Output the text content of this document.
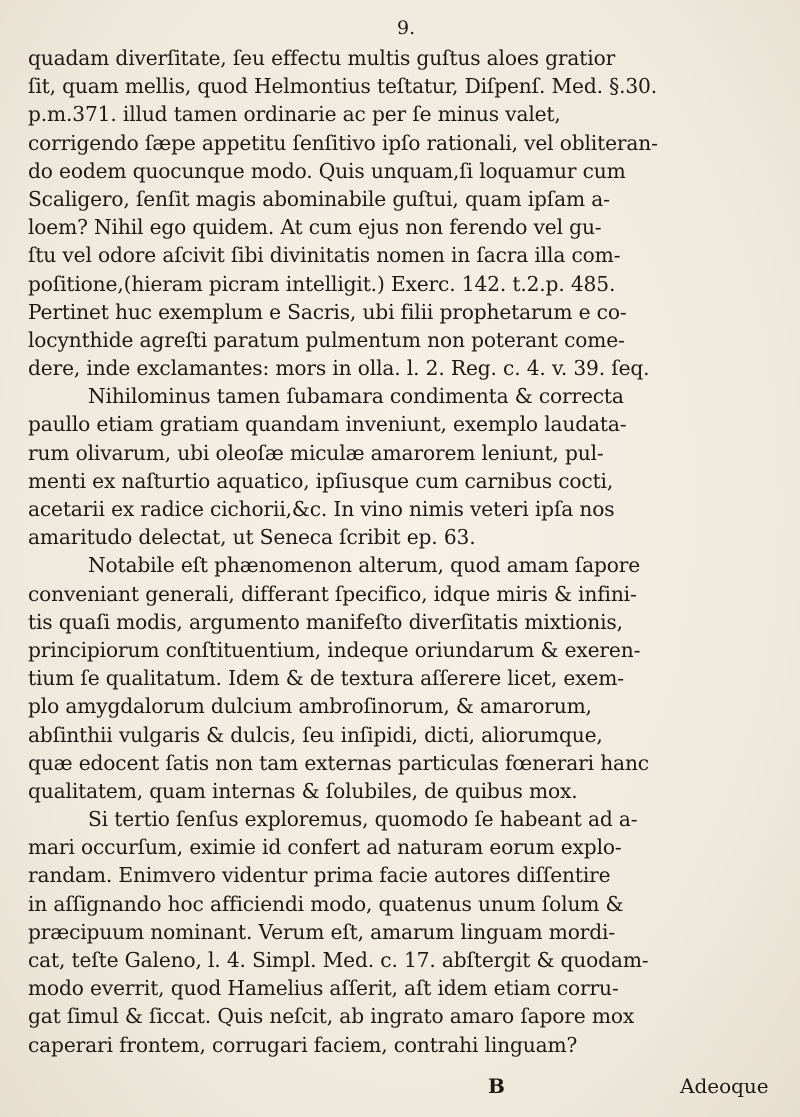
9.
quadam diverſitate, ſeu effectu multis guſtus aloes gratior
ſit, quam mellis, quod Helmontius teſtatur, Diſpenſ. Med. §.30.
p.m.371. illud tamen ordinarie ac per ſe minus valet,
corrigendo ſæpe appetitu ſenſitivo ipſo rationali, vel obliteran-
do eodem quocunque modo. Quis unquam,ſi loquamur cum
Scaligero, ſenſit magis abominabile guſtui, quam ipſam a-
loem? Nihil ego quidem. At cum ejus non ferendo vel gu-
ſtu vel odore aſcivit ſibi divinitatis nomen in ſacra illa com-
poſitione,(hieram picram intelligit.) Exerc. 142. t.2.p. 485.
Pertinet huc exemplum e Sacris, ubi filii prophetarum e co-
locynthide agreſti paratum pulmentum non poterant come-
dere, inde exclamantes: mors in olla. l. 2. Reg. c. 4. v. 39. ſeq.
Nihilominus tamen ſubamara condimenta & correcta
paullo etiam gratiam quandam inveniunt, exemplo laudata-
rum olivarum, ubi oleoſæ miculæ amarorem leniunt, pul-
menti ex naſturtio aquatico, ipſiusque cum carnibus cocti,
acetarii ex radice cichorii,&c. In vino nimis veteri ipſa nos
amaritudo delectat, ut Seneca ſcribit ep. 63.
Notabile eſt phænomenon alterum, quod amam ſapore
conveniant generali, differant ſpecifico, idque miris & infini-
tis quaſi modis, argumento manifeſto diverſitatis mixtionis,
principiorum conſtituentium, indeque oriundarum & exeren-
tium ſe qualitatum. Idem & de textura aſſerere licet, exem-
plo amygdalorum dulcium ambroſinorum, & amarorum,
abſinthii vulgaris & dulcis, ſeu inſipidi, dicti, aliorumque,
quæ edocent ſatis non tam externas particulas fœnerari hanc
qualitatem, quam internas & ſolubiles, de quibus mox.
Si tertio ſenſus exploremus, quomodo ſe habeant ad a-
mari occurſum, eximie id confert ad naturam eorum explo-
randam. Enimvero videntur prima facie autores diſſentire
in aſſignando hoc afficiendi modo, quatenus unum ſolum &
præcipuum nominant. Verum eſt, amarum linguam mordi-
cat, teſte Galeno, l. 4. Simpl. Med. c. 17. abſtergit & quodam-
modo everrit, quod Hamelius aſſerit, aſt idem etiam corru-
gat ſimul & ſiccat. Quis neſcit, ab ingrato amaro ſapore mox
caperari frontem, corrugari faciem, contrahi linguam?
B	Adeoque
